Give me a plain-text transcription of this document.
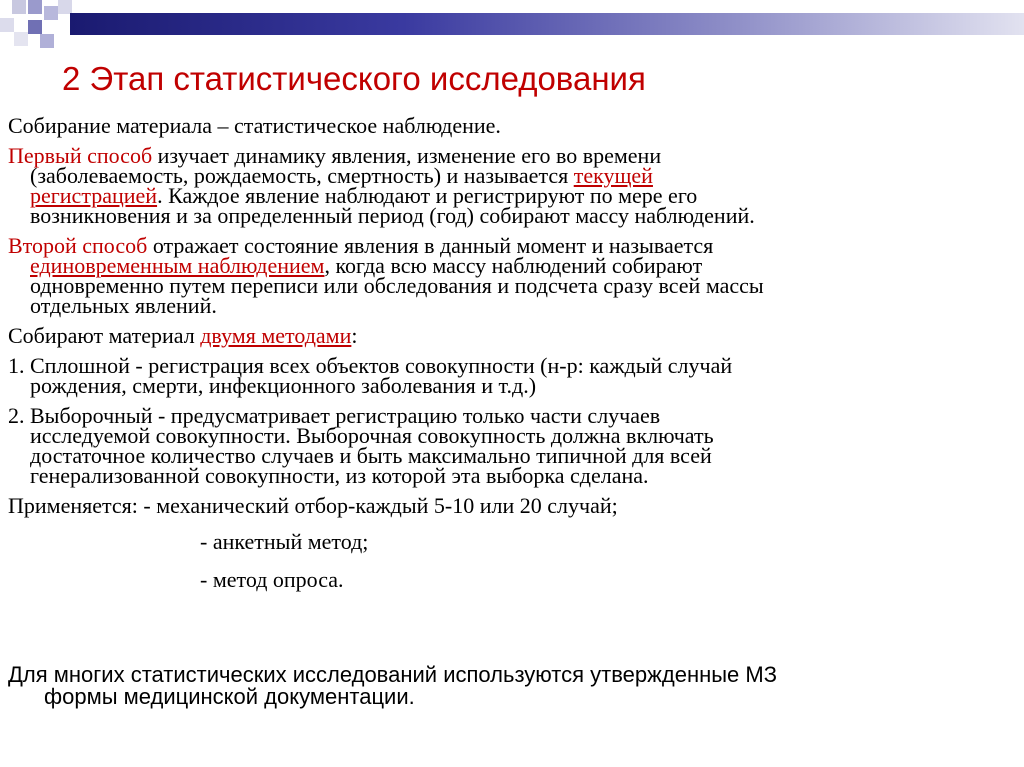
2 Этап статистического исследования
Собирание материала – статистическое наблюдение.
Первый способ изучает динамику явления, изменение его во времени
(заболеваемость, рождаемость, смертность) и называется текущей
регистрацией. Каждое явление наблюдают и регистрируют по мере его
возникновения и за определенный период (год) собирают массу наблюдений.
Второй способ отражает состояние явления в данный момент и называется
единовременным наблюдением, когда всю массу наблюдений собирают
одновременно путем переписи или обследования и подсчета сразу всей массы
отдельных явлений.
Собирают материал двумя методами:
1. Сплошной - регистрация всех объектов совокупности (н-р: каждый случай
рождения, смерти, инфекционного заболевания и т.д.)
2. Выборочный - предусматривает регистрацию только части случаев
исследуемой совокупности. Выборочная совокупность должна включать
достаточное количество случаев и быть максимально типичной для всей
генерализованной совокупности, из которой эта выборка сделана.
Применяется: - механический отбор-каждый 5-10 или 20 случай;
- анкетный метод;
- метод опроса.
Для многих статистических исследований используются утвержденные МЗ
формы медицинской документации.
